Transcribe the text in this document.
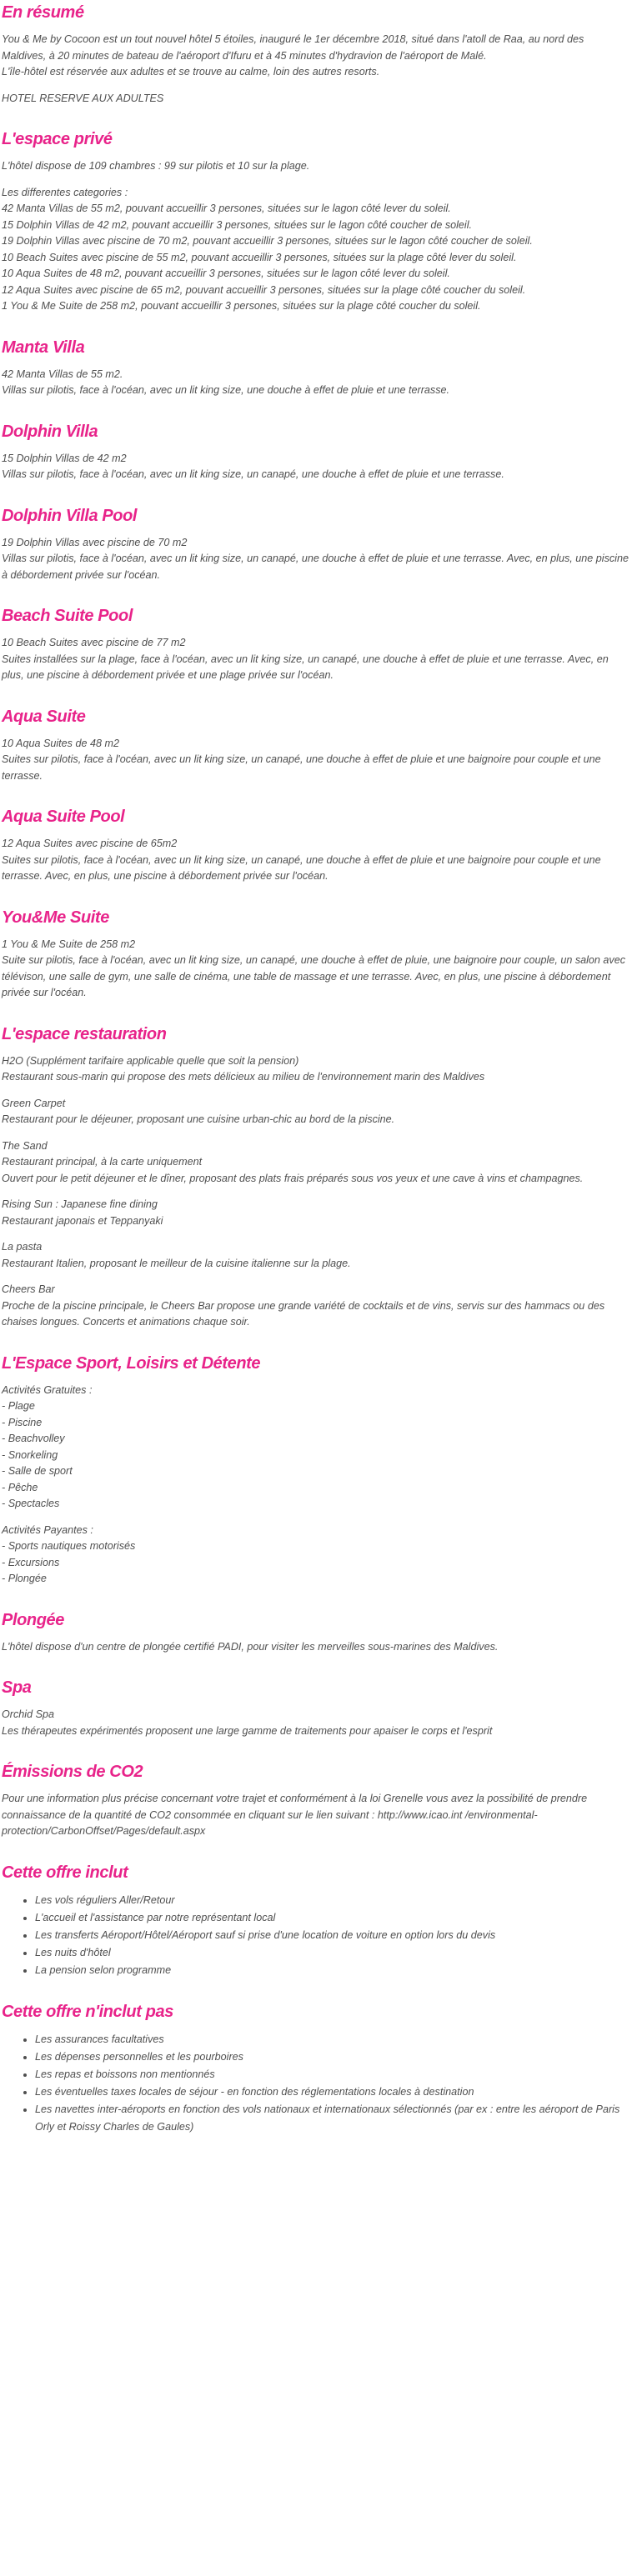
En résumé
You & Me by Cocoon est un tout nouvel hôtel 5 étoiles, inauguré le 1er décembre 2018, situé dans l'atoll de Raa, au nord des Maldives, à 20 minutes de bateau de l'aéroport d'Ifuru et à 45 minutes d'hydravion de l'aéroport de Malé.
L'île-hôtel est réservée aux adultes et se trouve au calme, loin des autres resorts.
HOTEL RESERVE AUX ADULTES
L'espace privé
L'hôtel dispose de 109 chambres : 99 sur pilotis et 10 sur la plage.
Les differentes categories :
42 Manta Villas de 55 m2, pouvant accueillir 3 persones, situées sur le lagon côté lever du soleil.
15 Dolphin Villas de 42 m2, pouvant accueillir 3 persones, situées sur le lagon côté coucher de soleil.
19 Dolphin Villas avec piscine de 70 m2, pouvant accueillir 3 persones, situées sur le lagon côté coucher de soleil.
10 Beach Suites avec piscine de 55 m2, pouvant accueillir 3 persones, situées sur la plage côté lever du soleil.
10 Aqua Suites de 48 m2, pouvant accueillir 3 persones, situées sur le lagon côté lever du soleil.
12 Aqua Suites avec piscine de 65 m2, pouvant accueillir 3 persones, situées sur la plage côté coucher du soleil.
1 You & Me Suite de 258 m2, pouvant accueillir 3 persones, situées sur la plage côté coucher du soleil.
Manta Villa
42 Manta Villas de 55 m2.
Villas sur pilotis, face à l'océan, avec un lit king size, une douche à effet de pluie et une terrasse.
Dolphin Villa
15 Dolphin Villas de 42 m2
Villas sur pilotis, face à l'océan, avec un lit king size, un canapé, une douche à effet de pluie et une terrasse.
Dolphin Villa Pool
19 Dolphin Villas avec piscine de 70 m2
Villas sur pilotis, face à l'océan, avec un lit king size, un canapé, une douche à effet de pluie et une terrasse. Avec, en plus, une piscine à débordement privée sur l'océan.
Beach Suite Pool
10 Beach Suites avec piscine de 77 m2
Suites installées sur la plage, face à l'océan, avec un lit king size, un canapé, une douche à effet de pluie et une terrasse. Avec, en plus, une piscine à débordement privée et une plage privée sur l'océan.
Aqua Suite
10 Aqua Suites de 48 m2
Suites sur pilotis, face à l'océan, avec un lit king size, un canapé, une douche à effet de pluie et une baignoire pour couple et une terrasse.
Aqua Suite Pool
12 Aqua Suites avec piscine de 65m2
Suites sur pilotis, face à l'océan, avec un lit king size, un canapé, une douche à effet de pluie et une baignoire pour couple et une terrasse. Avec, en plus, une piscine à débordement privée sur l'océan.
You&Me Suite
1 You & Me Suite de 258 m2
Suite sur pilotis, face à l'océan, avec un lit king size, un canapé, une douche à effet de pluie, une baignoire pour couple, un salon avec télévison, une salle de gym, une salle de cinéma, une table de massage et une terrasse. Avec, en plus, une piscine à débordement privée sur l'océan.
L'espace restauration
H2O (Supplément tarifaire applicable quelle que soit la pension)
Restaurant sous-marin qui propose des mets délicieux au milieu de l'environnement marin des Maldives
Green Carpet
Restaurant pour le déjeuner, proposant une cuisine urban-chic au bord de la piscine.
The Sand
Restaurant principal, à la carte uniquement
Ouvert pour le petit déjeuner et le dîner, proposant des plats frais préparés sous vos yeux et une cave à vins et champagnes.
Rising Sun : Japanese fine dining
Restaurant japonais et Teppanyaki
La pasta
Restaurant Italien, proposant le meilleur de la cuisine italienne sur la plage.
Cheers Bar
Proche de la piscine principale, le Cheers Bar propose une grande variété de cocktails et de vins, servis sur des hammacs ou des chaises longues. Concerts et animations chaque soir.
L'Espace Sport, Loisirs et Détente
Activités Gratuites :
- Plage
- Piscine
- Beachvolley
- Snorkeling
- Salle de sport
- Pêche
- Spectacles
Activités Payantes :
- Sports nautiques motorisés
- Excursions
- Plongée
Plongée
L'hôtel dispose d'un centre de plongée certifié PADI, pour visiter les merveilles sous-marines des Maldives.
Spa
Orchid Spa
Les thérapeutes expérimentés proposent une large gamme de traitements pour apaiser le corps et l'esprit
Émissions de CO2
Pour une information plus précise concernant votre trajet et conformément à la loi Grenelle vous avez la possibilité de prendre connaissance de la quantité de CO2 consommée en cliquant sur le lien suivant : http://www.icao.int /environmental-protection/CarbonOffset/Pages/default.aspx
Cette offre inclut
• Les vols réguliers Aller/Retour
• L'accueil et l'assistance par notre représentant local
• Les transferts Aéroport/Hôtel/Aéroport sauf si prise d'une location de voiture en option lors du devis
• Les nuits d'hôtel
• La pension selon programme
Cette offre n'inclut pas
• Les assurances facultatives
• Les dépenses personnelles et les pourboires
• Les repas et boissons non mentionnés
• Les éventuelles taxes locales de séjour - en fonction des réglementations locales à destination
• Les navettes inter-aéroports en fonction des vols nationaux et internationaux sélectionnés (par ex : entre les aéroport de Paris Orly et Roissy Charles de Gaules)
